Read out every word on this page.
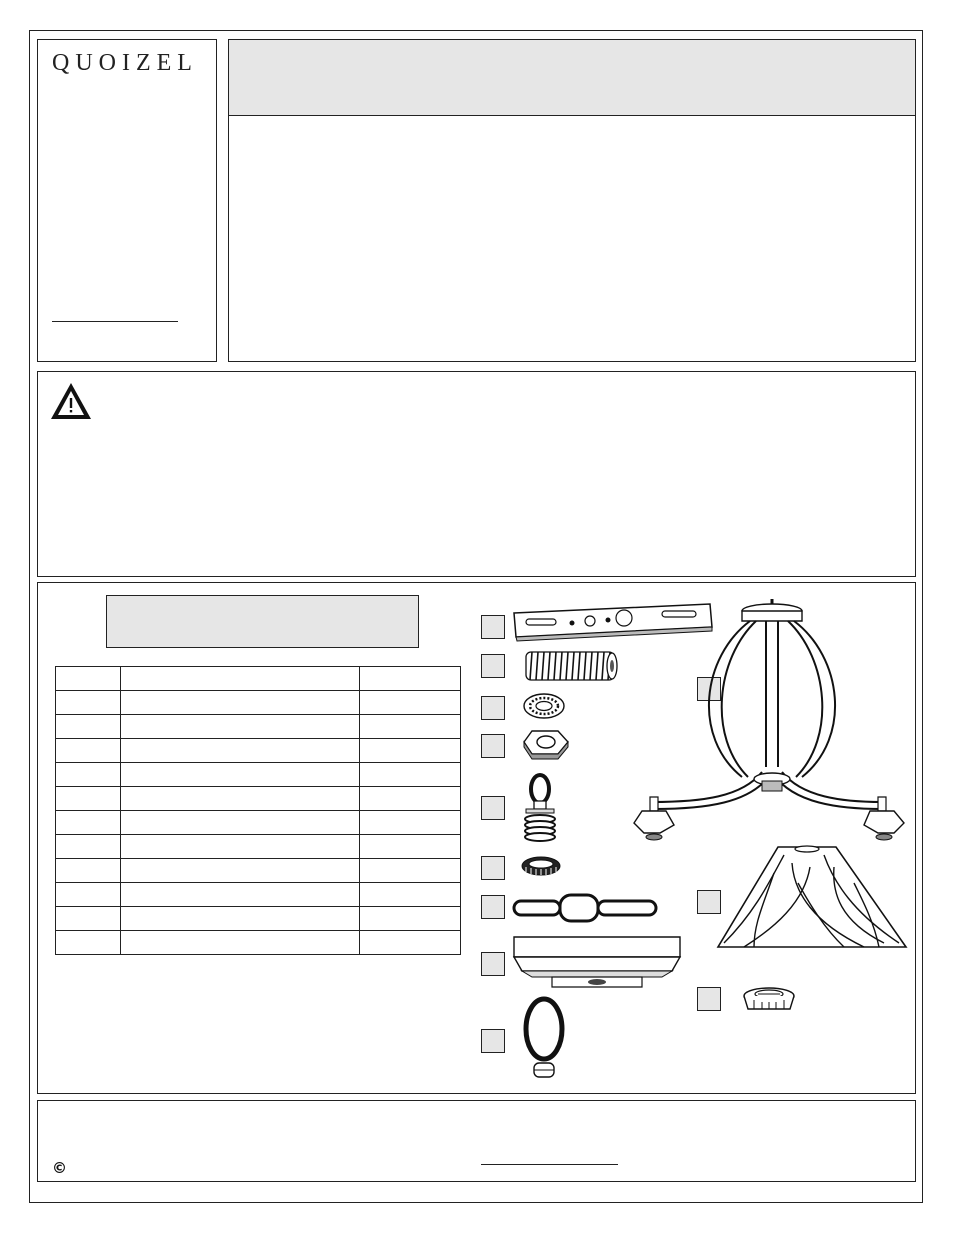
QUOIZEL

©
